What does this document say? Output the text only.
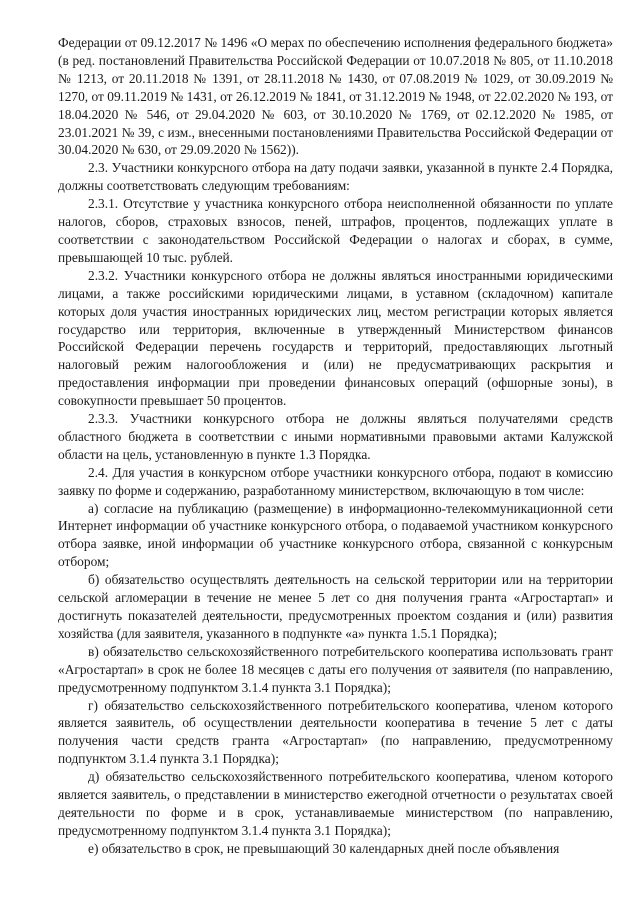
Федерации от 09.12.2017 № 1496 «О мерах по обеспечению исполнения федерального бюджета» (в ред. постановлений Правительства Российской Федерации от 10.07.2018 № 805, от 11.10.2018 № 1213, от 20.11.2018 № 1391, от 28.11.2018 № 1430, от 07.08.2019 № 1029, от 30.09.2019 № 1270, от 09.11.2019 № 1431, от 26.12.2019 № 1841, от 31.12.2019 № 1948, от 22.02.2020 № 193, от 18.04.2020 № 546, от 29.04.2020 № 603, от 30.10.2020 № 1769, от 02.12.2020 № 1985, от 23.01.2021 № 39, с изм., внесенными постановлениями Правительства Российской Федерации от 30.04.2020 № 630, от 29.09.2020 № 1562)).

2.3. Участники конкурсного отбора на дату подачи заявки, указанной в пункте 2.4 Порядка, должны соответствовать следующим требованиям:

2.3.1. Отсутствие у участника конкурсного отбора неисполненной обязанности по уплате налогов, сборов, страховых взносов, пеней, штрафов, процентов, подлежащих уплате в соответствии с законодательством Российской Федерации о налогах и сборах, в сумме, превышающей 10 тыс. рублей.

2.3.2. Участники конкурсного отбора не должны являться иностранными юридическими лицами, а также российскими юридическими лицами, в уставном (складочном) капитале которых доля участия иностранных юридических лиц, местом регистрации которых является государство или территория, включенные в утвержденный Министерством финансов Российской Федерации перечень государств и территорий, предоставляющих льготный налоговый режим налогообложения и (или) не предусматривающих раскрытия и предоставления информации при проведении финансовых операций (офшорные зоны), в совокупности превышает 50 процентов.

2.3.3. Участники конкурсного отбора не должны являться получателями средств областного бюджета в соответствии с иными нормативными правовыми актами Калужской области на цель, установленную в пункте 1.3 Порядка.

2.4. Для участия в конкурсном отборе участники конкурсного отбора, подают в комиссию заявку по форме и содержанию, разработанному министерством, включающую в том числе:

а) согласие на публикацию (размещение) в информационно-телекоммуникационной сети Интернет информации об участнике конкурсного отбора, о подаваемой участником конкурсного отбора заявке, иной информации об участнике конкурсного отбора, связанной с конкурсным отбором;

б) обязательство осуществлять деятельность на сельской территории или на территории сельской агломерации в течение не менее 5 лет со дня получения гранта «Агростартап» и достигнуть показателей деятельности, предусмотренных проектом создания и (или) развития хозяйства (для заявителя, указанного в подпункте «а» пункта 1.5.1 Порядка);

в) обязательство сельскохозяйственного потребительского кооператива использовать грант «Агростартап» в срок не более 18 месяцев с даты его получения от заявителя (по направлению, предусмотренному подпунктом 3.1.4 пункта 3.1 Порядка);

г) обязательство сельскохозяйственного потребительского кооператива, членом которого является заявитель, об осуществлении деятельности кооператива в течение 5 лет с даты получения части средств гранта «Агростартап» (по направлению, предусмотренному подпунктом 3.1.4 пункта 3.1 Порядка);

д) обязательство сельскохозяйственного потребительского кооператива, членом которого является заявитель, о представлении в министерство ежегодной отчетности о результатах своей деятельности по форме и в срок, устанавливаемые министерством (по направлению, предусмотренному подпунктом 3.1.4 пункта 3.1 Порядка);

е) обязательство в срок, не превышающий 30 календарных дней после объявления
